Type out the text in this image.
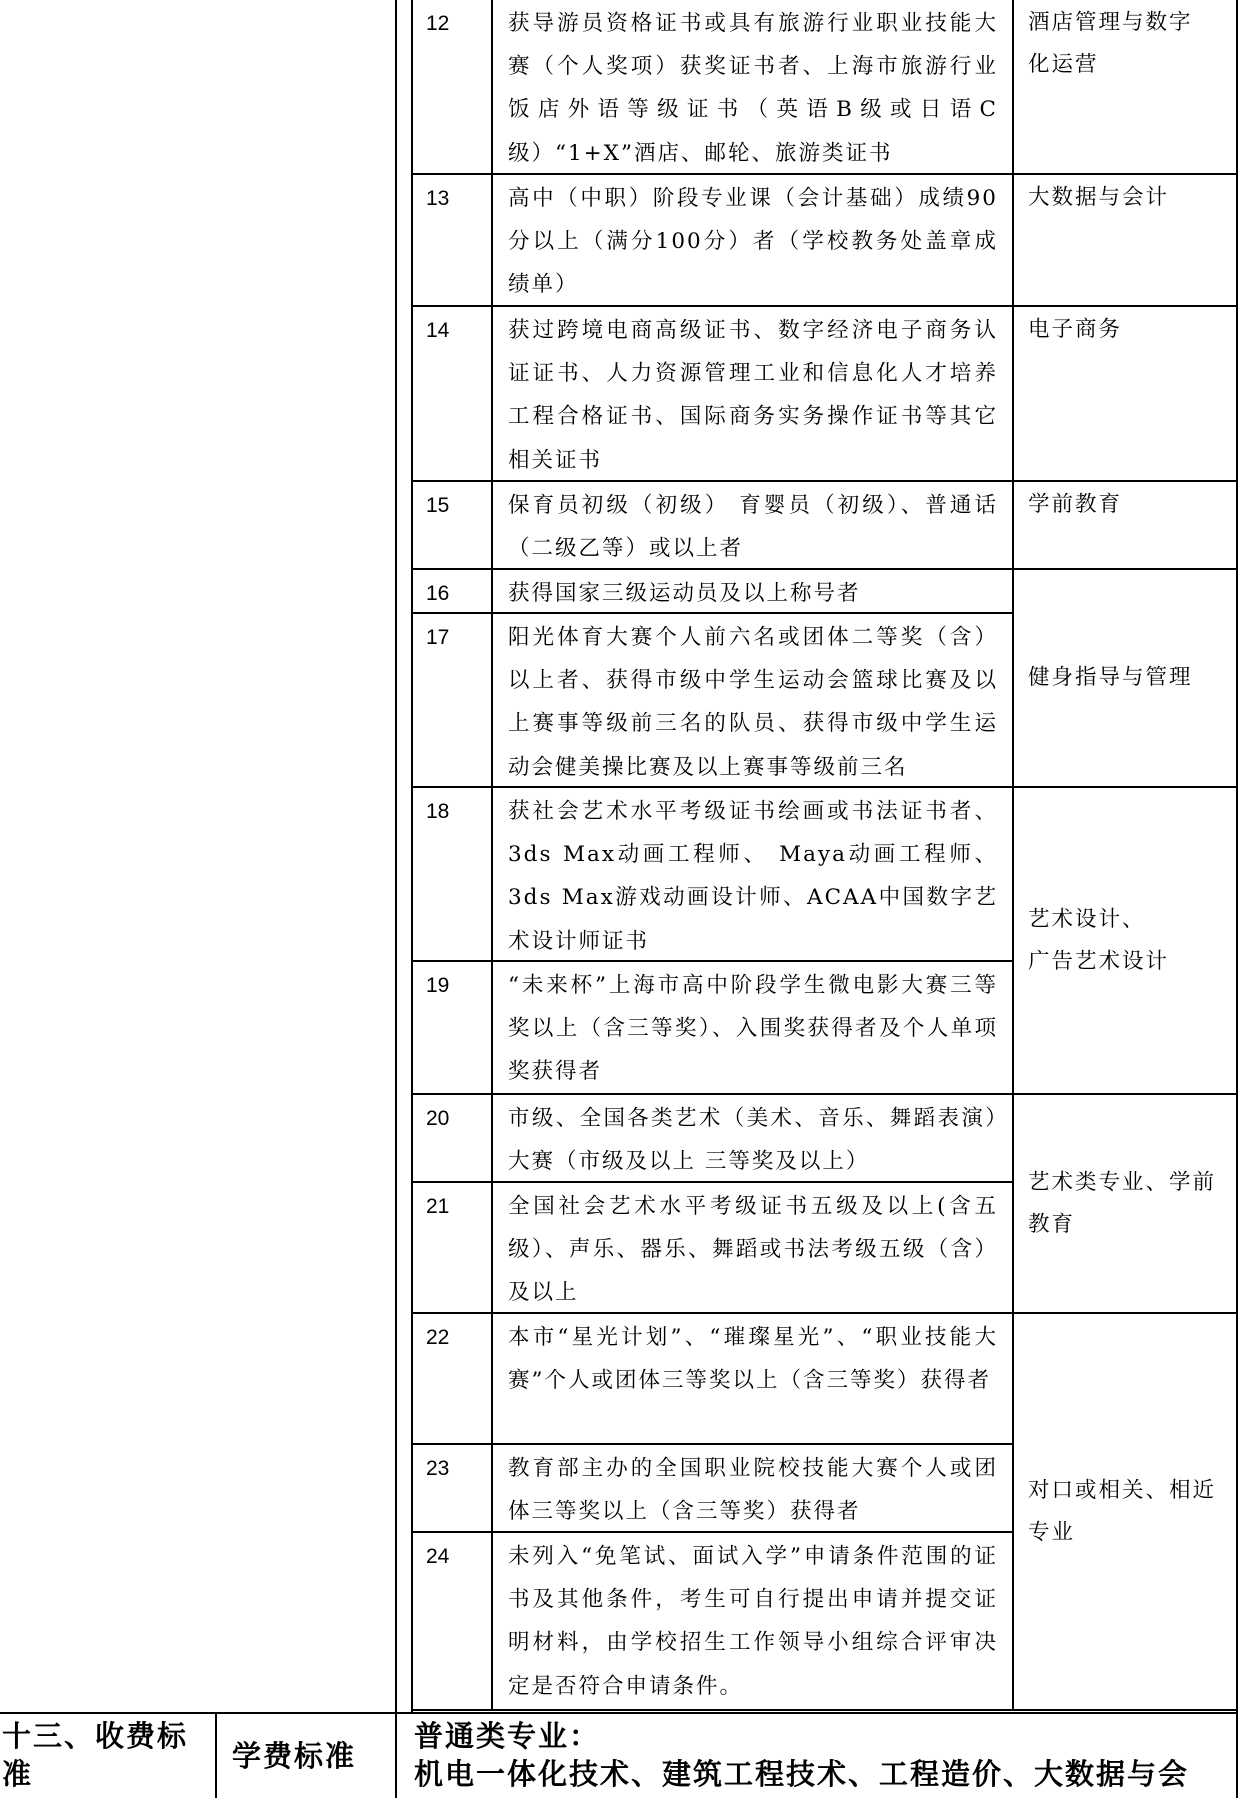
12
13
14
15
16
17
18
19
20
21
22
23
24
获导游员资格证书或具有旅游行业职业技能大赛（个人奖项）获奖证书者、上海市旅游行业饭店外语等级证书（英语B级或日语C级）“1+X”酒店、邮轮、旅游类证书
高中（中职）阶段专业课（会计基础）成绩90分以上（满分100分）者（学校教务处盖章成绩单）
获过跨境电商高级证书、数字经济电子商务认证证书、人力资源管理工业和信息化人才培养工程合格证书、国际商务实务操作证书等其它相关证书
保育员初级（初级） 育婴员（初级）、普通话（二级乙等）或以上者
获得国家三级运动员及以上称号者
阳光体育大赛个人前六名或团体二等奖（含）以上者、获得市级中学生运动会篮球比赛及以上赛事等级前三名的队员、获得市级中学生运动会健美操比赛及以上赛事等级前三名
获社会艺术水平考级证书绘画或书法证书者、3ds Max动画工程师、 Maya动画工程师、3ds Max游戏动画设计师、ACAA中国数字艺术设计师证书
“未来杯”上海市高中阶段学生微电影大赛三等奖以上（含三等奖）、入围奖获得者及个人单项奖获得者
市级、全国各类艺术（美术、音乐、舞蹈表演）大赛（市级及以上 三等奖及以上）
全国社会艺术水平考级证书五级及以上(含五级）、声乐、器乐、舞蹈或书法考级五级（含）及以上
本市“星光计划”、“璀璨星光”、“职业技能大赛”个人或团体三等奖以上（含三等奖）获得者
教育部主办的全国职业院校技能大赛个人或团体三等奖以上（含三等奖）获得者
未列入“免笔试、面试入学”申请条件范围的证书及其他条件，考生可自行提出申请并提交证明材料，由学校招生工作领导小组综合评审决定是否符合申请条件。
酒店管理与数字
化运营
大数据与会计
电子商务
学前教育
健身指导与管理
艺术设计、
广告艺术设计
艺术类专业、学前
教育
对口或相关、相近
专业
十三、收费标
准
学费标准
普通类专业：
机电一体化技术、建筑工程技术、工程造价、大数据与会
